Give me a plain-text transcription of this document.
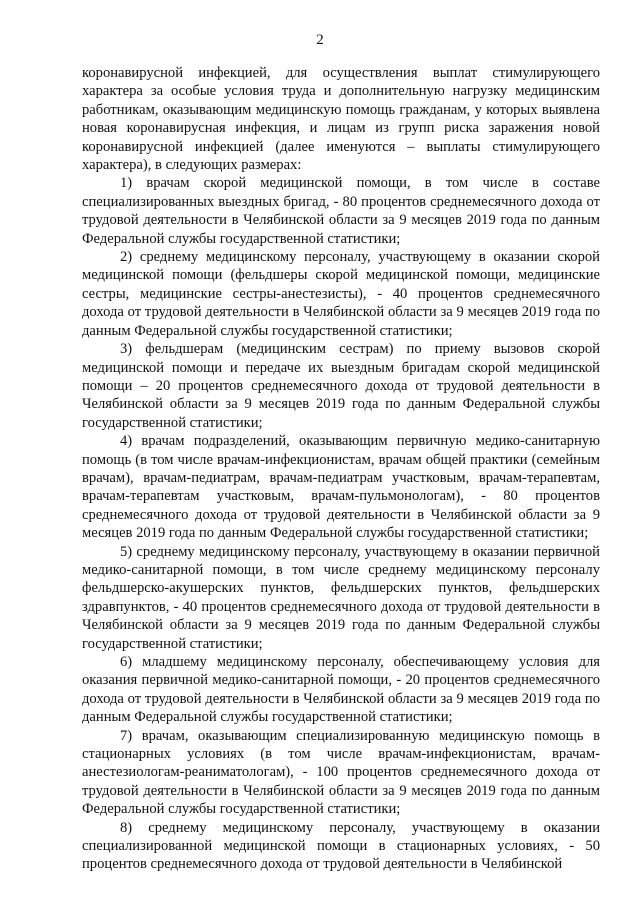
2

коронавирусной инфекцией, для осуществления выплат стимулирующего характера за особые условия труда и дополнительную нагрузку медицинским работникам, оказывающим медицинскую помощь гражданам, у которых выявлена новая коронавирусная инфекция, и лицам из групп риска заражения новой коронавирусной инфекцией (далее именуются – выплаты стимулирующего характера), в следующих размерах:

1) врачам скорой медицинской помощи, в том числе в составе специализированных выездных бригад, - 80 процентов среднемесячного дохода от трудовой деятельности в Челябинской области за 9 месяцев 2019 года по данным Федеральной службы государственной статистики;

2) среднему медицинскому персоналу, участвующему в оказании скорой медицинской помощи (фельдшеры скорой медицинской помощи, медицинские сестры, медицинские сестры-анестезисты), - 40 процентов среднемесячного дохода от трудовой деятельности в Челябинской области за 9 месяцев 2019 года по данным Федеральной службы государственной статистики;

3) фельдшерам (медицинским сестрам) по приему вызовов скорой медицинской помощи и передаче их выездным бригадам скорой медицинской помощи – 20 процентов среднемесячного дохода от трудовой деятельности в Челябинской области за 9 месяцев 2019 года по данным Федеральной службы государственной статистики;

4) врачам подразделений, оказывающим первичную медико-санитарную помощь (в том числе врачам-инфекционистам, врачам общей практики (семейным врачам), врачам-педиатрам, врачам-педиатрам участковым, врачам-терапевтам, врачам-терапевтам участковым, врачам-пульмонологам), - 80 процентов среднемесячного дохода от трудовой деятельности в Челябинской области за 9 месяцев 2019 года по данным Федеральной службы государственной статистики;

5) среднему медицинскому персоналу, участвующему в оказании первичной медико-санитарной помощи, в том числе среднему медицинскому персоналу фельдшерско-акушерских пунктов, фельдшерских пунктов, фельдшерских здравпунктов, - 40 процентов среднемесячного дохода от трудовой деятельности в Челябинской области за 9 месяцев 2019 года по данным Федеральной службы государственной статистики;

6) младшему медицинскому персоналу, обеспечивающему условия для оказания первичной медико-санитарной помощи, - 20 процентов среднемесячного дохода от трудовой деятельности в Челябинской области за 9 месяцев 2019 года по данным Федеральной службы государственной статистики;

7) врачам, оказывающим специализированную медицинскую помощь в стационарных условиях (в том числе врачам-инфекционистам, врачам-анестезиологам-реаниматологам), - 100 процентов среднемесячного дохода от трудовой деятельности в Челябинской области за 9 месяцев 2019 года по данным Федеральной службы государственной статистики;

8) среднему медицинскому персоналу, участвующему в оказании специализированной медицинской помощи в стационарных условиях, - 50 процентов среднемесячного дохода от трудовой деятельности в Челябинской
